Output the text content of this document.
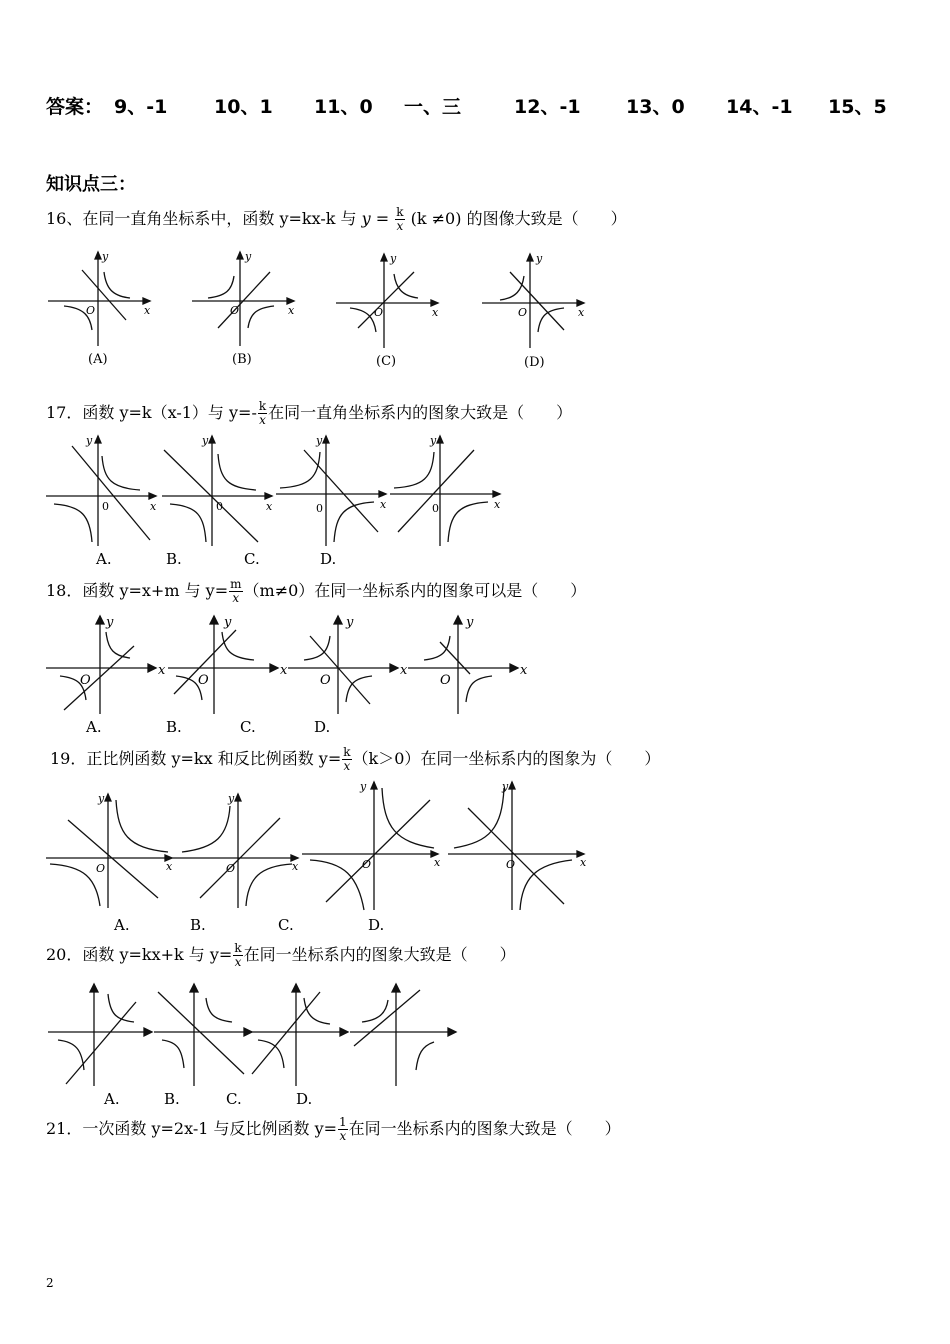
答案： 9、-1 10、1 11、0 一、三	12、-1 13、0 14、-1 15、5
知识点三：
16、在同一直角坐标系中，函数 y=kx-k 与 $y = \frac{k}{x} (k \ne 0)$ 的图像大致是（　　）
y
x
O
y
x
O
y
x
O
y
x
O
(A)	(B)	(C)	(D)
17．函数 y=k（x-1）与 $y=- \frac{k}{x}$ 在同一直角坐标系内的图象大致是（　　）
y
x
0
y
x
0
y
x
0
y
x
0
A.	B.	C.	D.
18．函数 y=x+m 与 $y= \frac{m}{x} (m\ne 0)$在同一坐标系内的图象可以是（　　）
y
x
O
y
x
O
y
x
O
y
x
O
A.	B.	C.	D.
19．正比例函数 y=kx 和反比例函数 $y= \frac{k}{x} (k>0)$在同一坐标系内的图象为（　　）
y
x
O
y
x
O
y
x
O
y
x
O
A.	B.	C.	D.
20．函数 y=kx+k 与 $y= \frac{k}{x}$ 在同一坐标系内的图象大致是（　　）
A.	B.	C.	D.
21．一次函数 y=2x-1 与反比例函数 $y= \frac{1}{x}$ 在同一坐标系内的图象大致是（　　）
2
